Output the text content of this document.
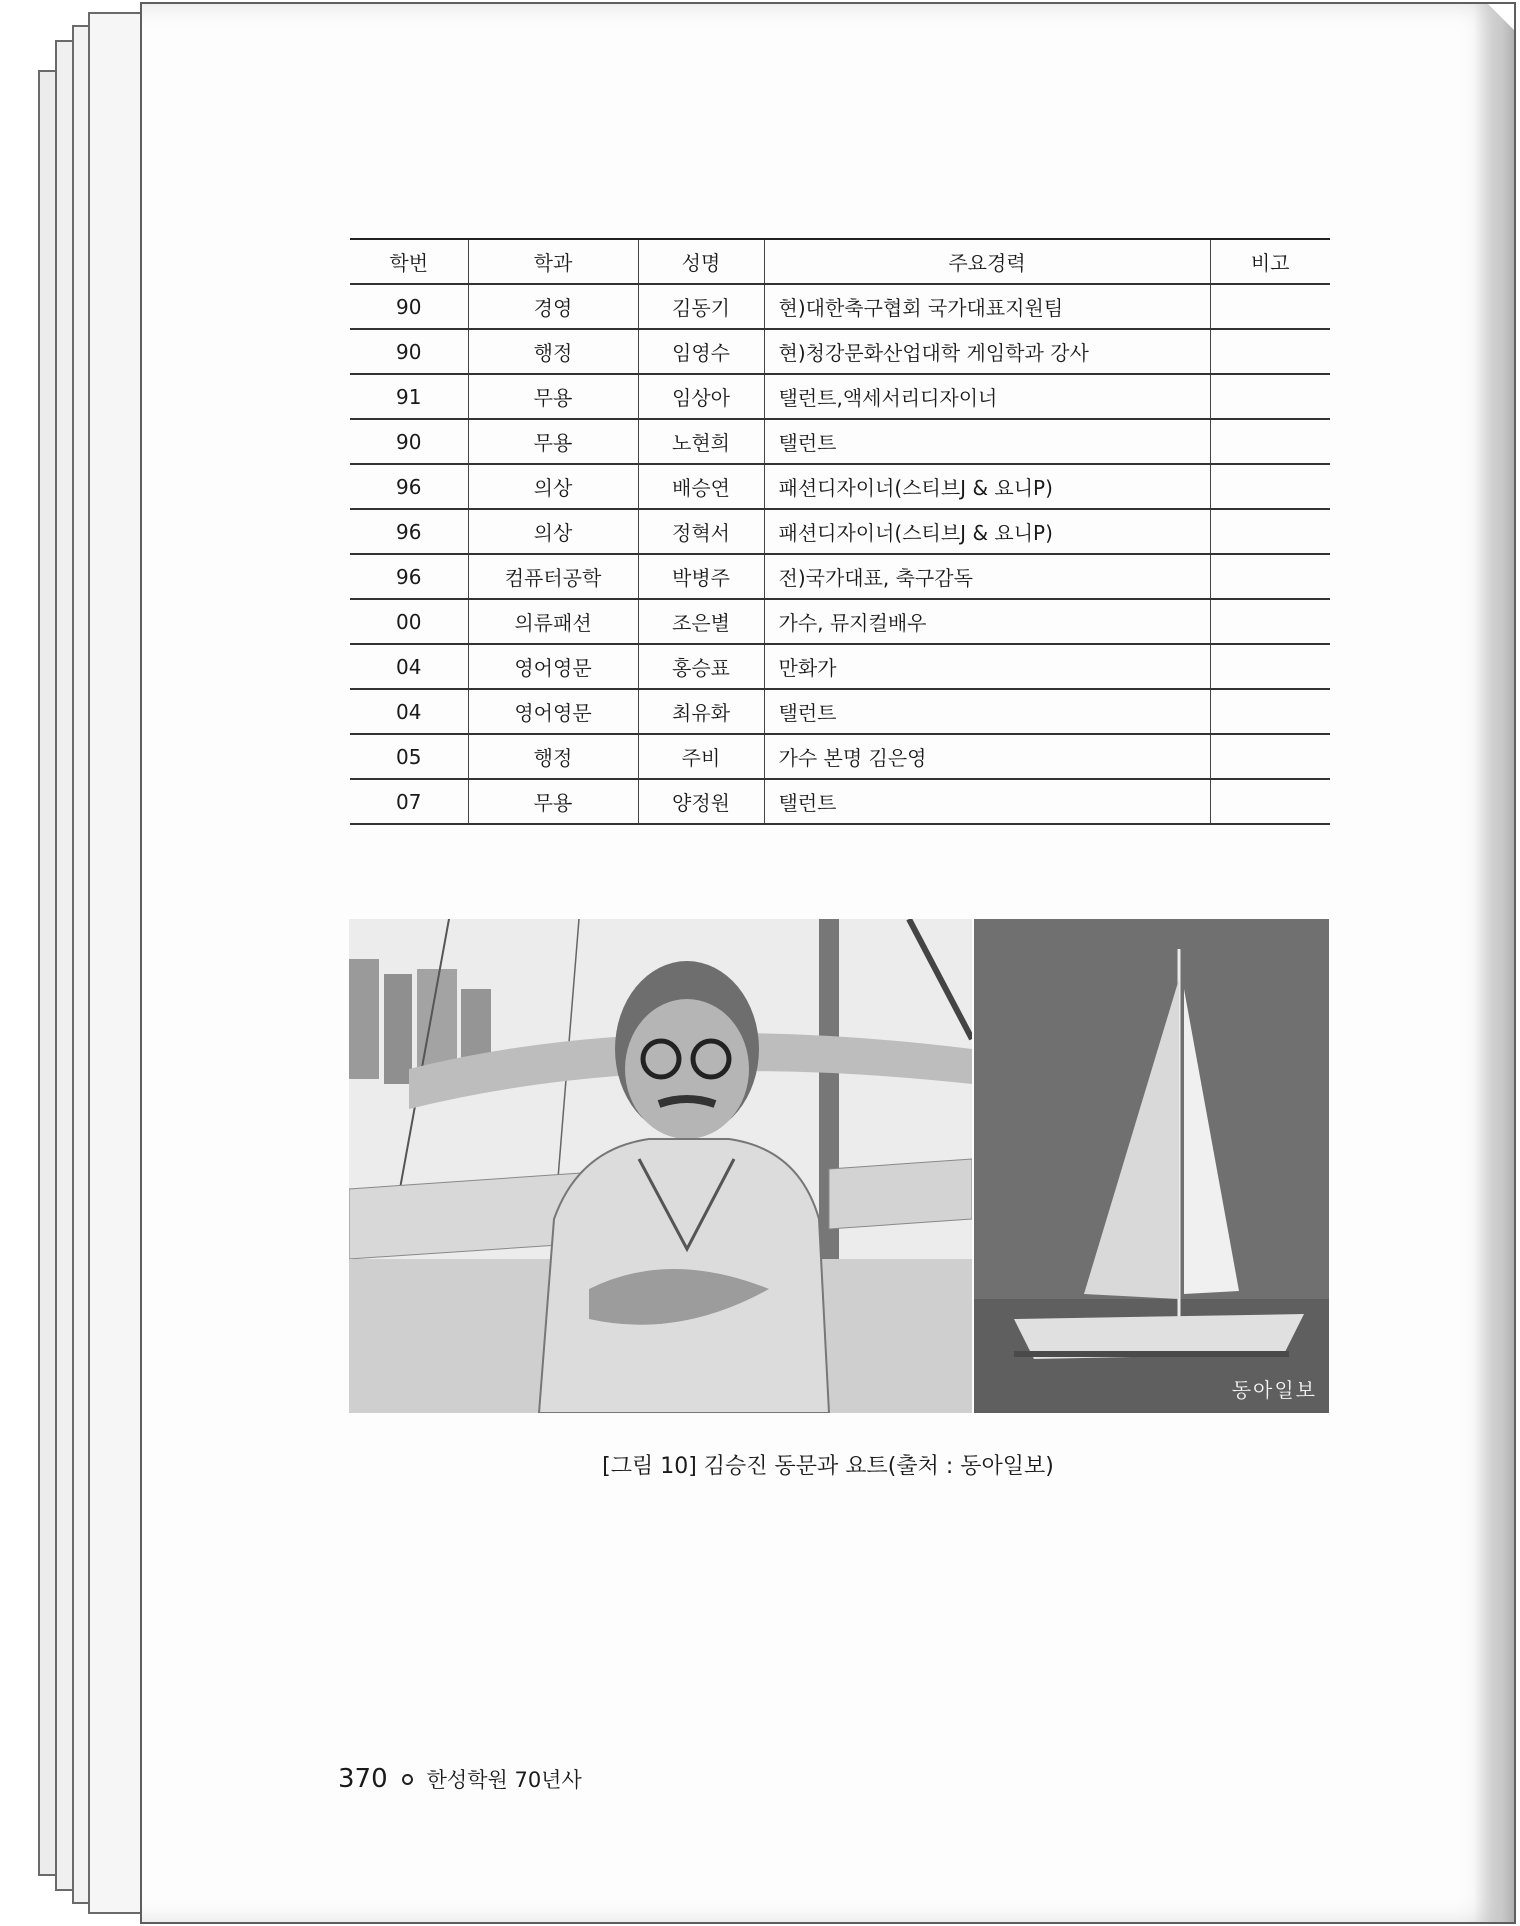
학번	학과	성명	주요경력	비고
90	경영	김동기	현)대한축구협회 국가대표지원팀	
90	행정	임영수	현)청강문화산업대학 게임학과 강사	
91	무용	임상아	탤런트,액세서리디자이너	
90	무용	노현희	탤런트	
96	의상	배승연	패션디자이너(스티브J & 요니P)	
96	의상	정혁서	패션디자이너(스티브J & 요니P)	
96	컴퓨터공학	박병주	전)국가대표, 축구감독	
00	의류패션	조은별	가수, 뮤지컬배우	
04	영어영문	홍승표	만화가	
04	영어영문	최유화	탤런트	
05	행정	주비	가수 본명 김은영	
07	무용	양정원	탤런트	
동아일보
[그림 10] 김승진 동문과 요트(출처 : 동아일보)
370 한성학원 70년사
